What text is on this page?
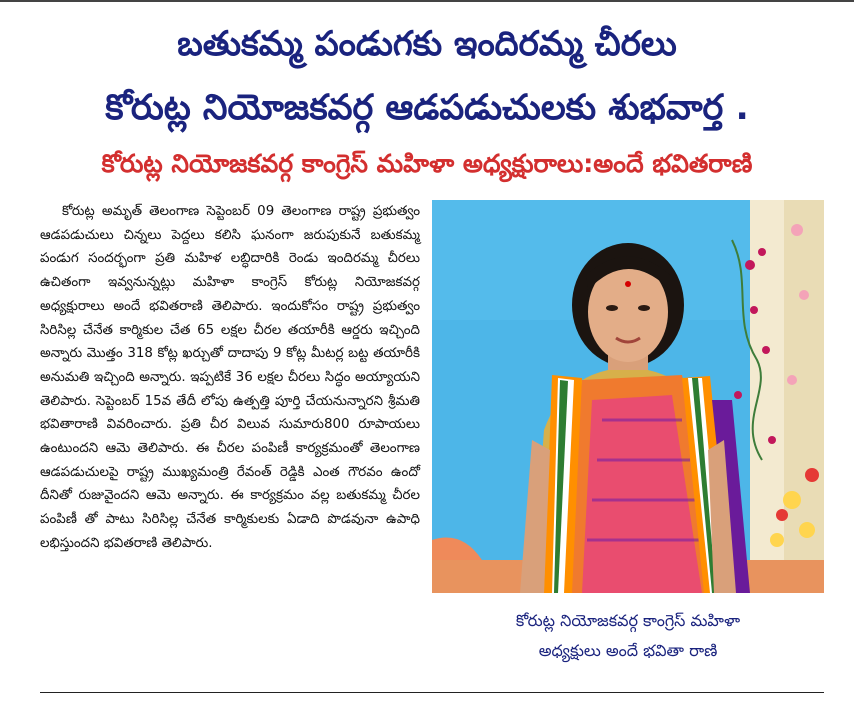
బతుకమ్మ పండుగకు ఇందిరమ్మ చీరలు
కోరుట్ల నియోజకవర్గ ఆడపడుచులకు శుభవార్త .
కోరుట్ల నియోజకవర్గ కాంగ్రెస్ మహిళా అధ్యక్షురాలు:అందే భవితరాణి

కోరుట్ల అమృత్ తెలంగాణ సెప్టెంబర్ 09 తెలంగాణ రాష్ట్ర ప్రభుత్వం ఆడపడుచులు చిన్నలు పెద్దలు కలిసి ఘనంగా జరుపుకునే బతుకమ్మ పండుగ సందర్భంగా ప్రతి మహిళ లబ్ధిదారికి రెండు ఇందిరమ్మ చీరలు ఉచితంగా ఇవ్వనున్నట్లు మహిళా కాంగ్రెస్ కోరుట్ల నియోజకవర్గ అధ్యక్షురాలు అందే భవితరాణి తెలిపారు. ఇందుకోసం రాష్ట్ర ప్రభుత్వం సిరిసిల్ల చేనేత కార్మికుల చేత 65 లక్షల చీరల తయారీకి ఆర్డరు ఇచ్చింది అన్నారు మొత్తం 318 కోట్ల ఖర్చుతో దాదాపు 9 కోట్ల మీటర్ల బట్ట తయారీకి అనుమతి ఇచ్చింది అన్నారు. ఇప్పటికే 36 లక్షల చీరలు సిద్ధం అయ్యాయని తెలిపారు. సెప్టెంబర్ 15వ తేదీ లోపు ఉత్పత్తి పూర్తి చేయనున్నారని శ్రీమతి భవితారాణి వివరించారు. ప్రతి చీర విలువ సుమారు800 రూపాయలు ఉంటుందని ఆమె తెలిపారు. ఈ చీరల పంపిణీ కార్యక్రమంతో తెలంగాణ ఆడపడుచులపై రాష్ట్ర ముఖ్యమంత్రి రేవంత్ రెడ్డికి ఎంత గౌరవం ఉందో దీనితో రుజువైందని ఆమె అన్నారు. ఈ కార్యక్రమం వల్ల బతుకమ్మ చీరల పంపిణీ తో పాటు సిరిసిల్ల చేనేత కార్మికులకు ఏడాది పొడవునా ఉపాధి లభిస్తుందని భవితరాణి తెలిపారు.

కోరుట్ల నియోజకవర్గ కాంగ్రెస్ మహిళా
అధ్యక్షులు అందే భవితా రాణి
